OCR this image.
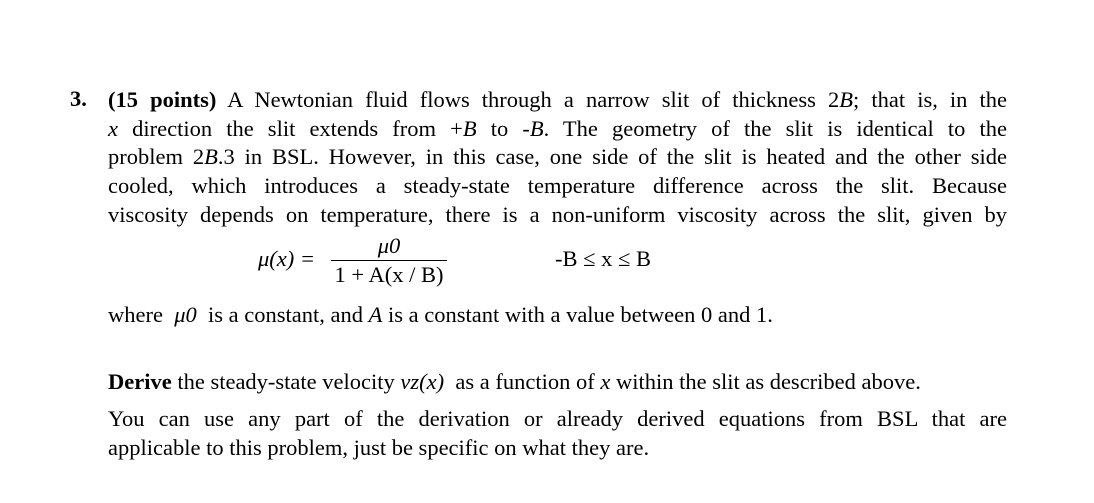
3. (15 points) A Newtonian fluid flows through a narrow slit of thickness 2B; that is, in the
x direction the slit extends from +B to -B. The geometry of the slit is identical to the
problem 2B.3 in BSL. However, in this case, one side of the slit is heated and the other side
cooled, which introduces a steady-state temperature difference across the slit. Because
viscosity depends on temperature, there is a non-uniform viscosity across the slit, given by
μ(x) =
μ0
1 + A(x / B)
-B ≤ x ≤ B
where μ0 is a constant, and A is a constant with a value between 0 and 1.
Derive the steady-state velocity vz(x) as a function of x within the slit as described above.
You can use any part of the derivation or already derived equations from BSL that are
applicable to this problem, just be specific on what they are.
